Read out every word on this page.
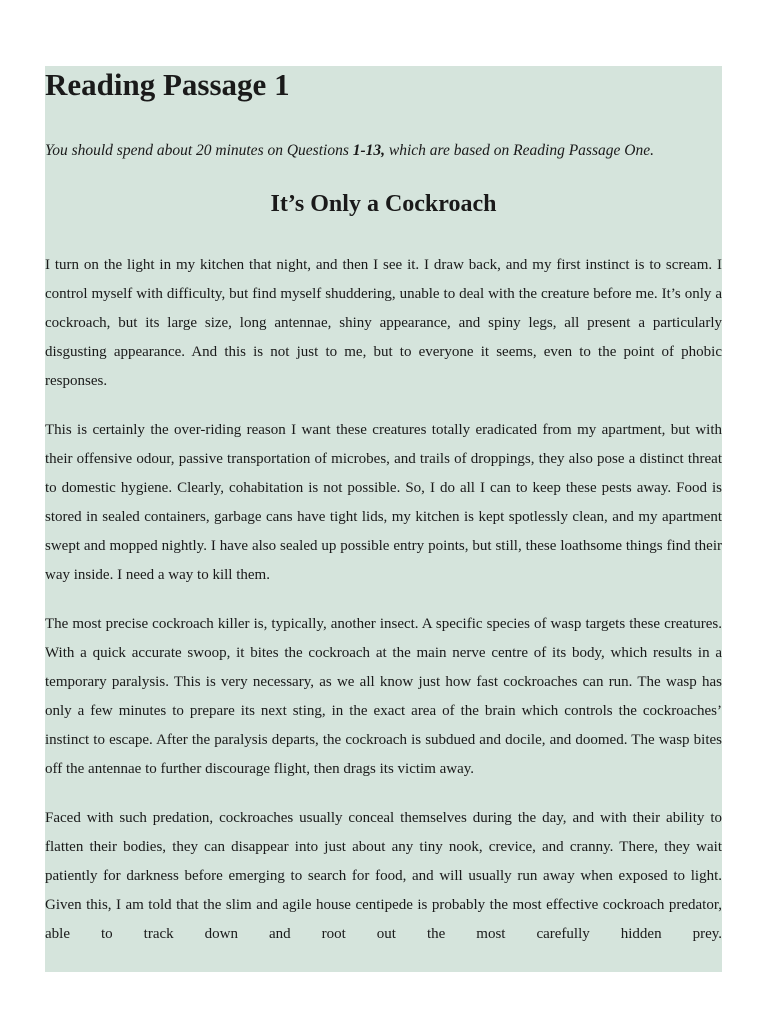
Reading Passage 1
You should spend about 20 minutes on Questions 1-13, which are based on Reading Passage One.
It’s Only a Cockroach

I turn on the light in my kitchen that night, and then I see it. I draw back, and my first instinct is to scream. I control myself with difficulty, but find myself shuddering, unable to deal with the creature before me. It’s only a cockroach, but its large size, long antennae, shiny appearance, and spiny legs, all present a particularly disgusting appearance. And this is not just to me, but to everyone it seems, even to the point of phobic responses.

This is certainly the over-riding reason I want these creatures totally eradicated from my apartment, but with their offensive odour, passive transportation of microbes, and trails of droppings, they also pose a distinct threat to domestic hygiene. Clearly, cohabitation is not possible. So, I do all I can to keep these pests away. Food is stored in sealed containers, garbage cans have tight lids, my kitchen is kept spotlessly clean, and my apartment swept and mopped nightly. I have also sealed up possible entry points, but still, these loathsome things find their way inside. I need a way to kill them.

The most precise cockroach killer is, typically, another insect. A specific species of wasp targets these creatures. With a quick accurate swoop, it bites the cockroach at the main nerve centre of its body, which results in a temporary paralysis. This is very necessary, as we all know just how fast cockroaches can run. The wasp has only a few minutes to prepare its next sting, in the exact area of the brain which controls the cockroaches’ instinct to escape. After the paralysis departs, the cockroach is subdued and docile, and doomed. The wasp bites off the antennae to further discourage flight, then drags its victim away.

Faced with such predation, cockroaches usually conceal themselves during the day, and with their ability to flatten their bodies, they can disappear into just about any tiny nook, crevice, and cranny. There, they wait patiently for darkness before emerging to search for food, and will usually run away when exposed to light. Given this, I am told that the slim and agile house centipede is probably the most effective cockroach predator, able to track down and root out the most carefully hidden prey.
